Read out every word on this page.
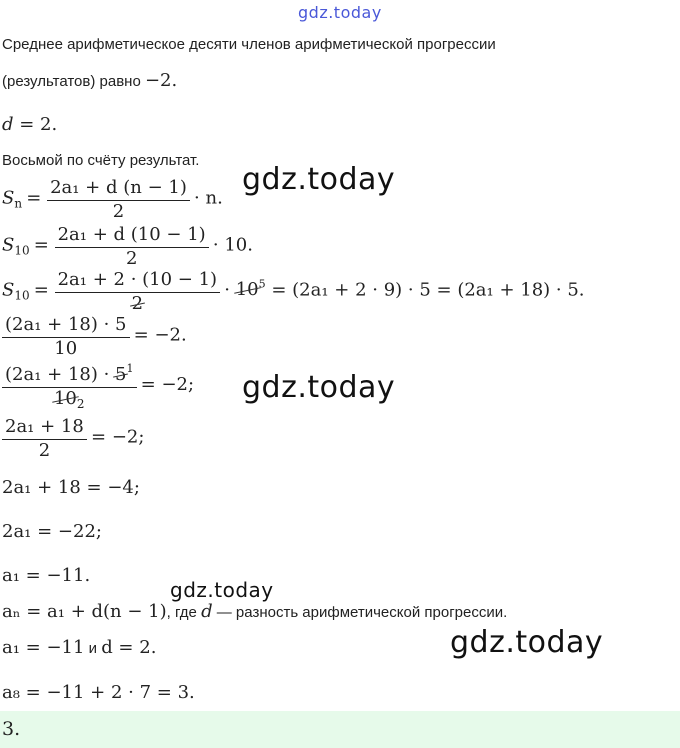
gdz.today
Среднее арифметическое десяти членов арифметической прогрессии
(результатов) равно −2.
d = 2.
Восьмой по счёту результат.
$S_n = \frac{\text{2a₁ + d (n − 1)}}{2} \cdot n$.
$S_{10} = \frac{\text{2a₁ + d (10 − 1)}}{2} \cdot 10$.
$S_{10} = \frac{\text{2a₁ + 2 · (10 − 1)}}{2} \cdot 10^5 = (2a_1 + 2 \cdot 9) \cdot 5 = (2a_1 + 18) \cdot 5$.
$\frac{\text{(2a₁ + 18) · 5}}{10} = -2$.
$\frac{(2a_1 + 18) \cdot 5^1}{10_2} = -2$;
$\frac{\text{2a₁ + 18}}{2} = -2$;
2a₁ + 18 = −4;
2a₁ = −22;
a₁ = −11.
aₙ = a₁ + d(n − 1), где d — разность арифметической прогрессии.
a₁ = −11 и d = 2.
a₈ = −11 + 2 · 7 = 3.
3.
gdz.today
gdz.today
gdz.today
gdz.today
